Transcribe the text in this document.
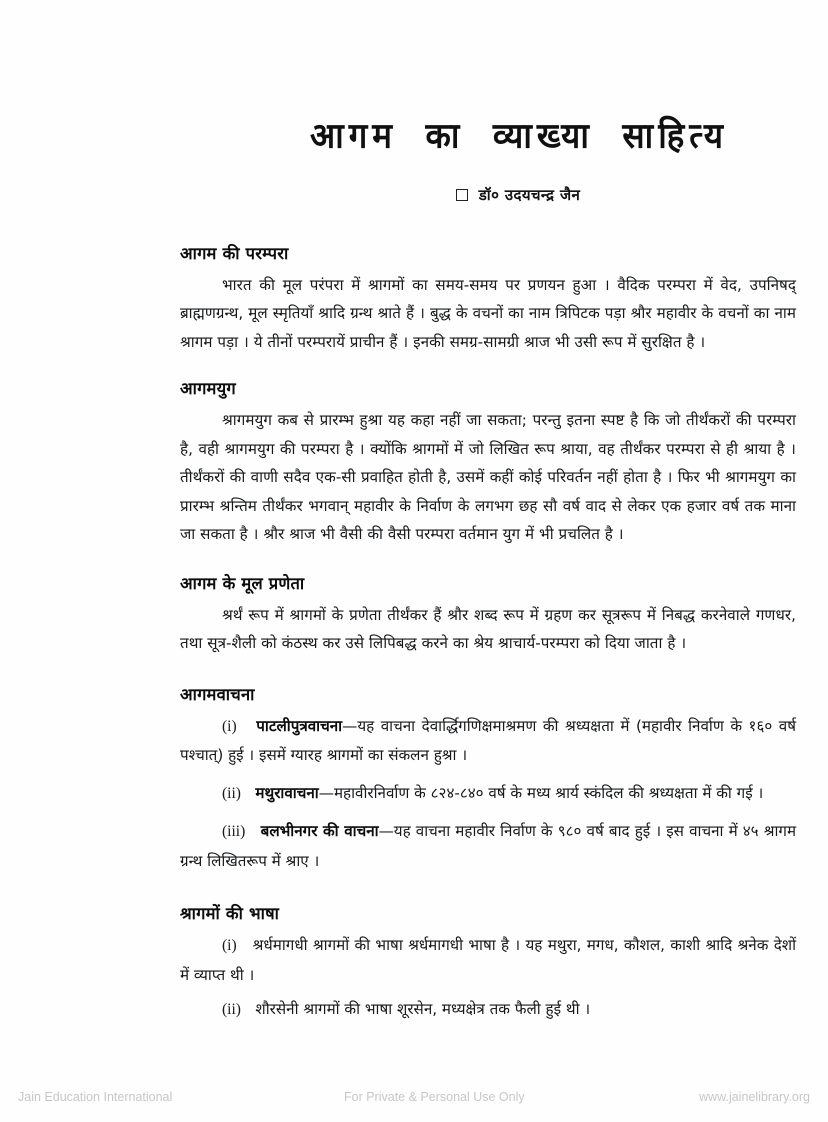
आगम का व्याख्या साहित्य
डॉ० उदयचन्द्र जैन
आगम की परम्परा

भारत की मूल परंपरा में श्रागमों का समय-समय पर प्रणयन हुआ । वैदिक परम्परा में वेद, उपनिषद् ब्राह्मणग्रन्थ, मूल स्मृतियाँ श्रादि ग्रन्थ श्राते हैं । बुद्ध के वचनों का नाम त्रिपिटक पड़ा श्रौर महावीर के वचनों का नाम श्रागम पड़ा । ये तीनों परम्परायें प्राचीन हैं । इनकी समग्र-सामग्री श्राज भी उसी रूप में सुरक्षित है ।

आगमयुग

श्रागमयुग कब से प्रारम्भ हुश्रा यह कहा नहीं जा सकता; परन्तु इतना स्पष्ट है कि जो तीर्थंकरों की परम्परा है, वही श्रागमयुग की परम्परा है । क्योंकि श्रागमों में जो लिखित रूप श्राया, वह तीर्थंकर परम्परा से ही श्राया है । तीर्थंकरों की वाणी सदैव एक-सी प्रवाहित होती है, उसमें कहीं कोई परिवर्तन नहीं होता है । फिर भी श्रागमयुग का प्रारम्भ श्रन्तिम तीर्थंकर भगवान् महावीर के निर्वाण के लगभग छह सौ वर्ष वाद से लेकर एक हजार वर्ष तक माना जा सकता है । श्रौर श्राज भी वैसी की वैसी परम्परा वर्तमान युग में भी प्रचलित है ।

आगम के मूल प्रणेता

श्रर्थं रूप में श्रागमों के प्रणेता तीर्थंकर हैं श्रौर शब्द रूप में ग्रहण कर सूत्ररूप में निबद्ध करनेवाले गणधर, तथा सूत्र-शैली को कंठस्थ कर उसे लिपिबद्ध करने का श्रेय श्राचार्य-परम्परा को दिया जाता है ।

आगमवाचना

(i) पाटलीपुत्रवाचना—यह वाचना देवार्द्धिगणिक्षमाश्रमण की श्रध्यक्षता में (महावीर निर्वाण के १६० वर्ष पश्चात्) हुई । इसमें ग्यारह श्रागमों का संकलन हुश्रा ।

(ii) मथुरावाचना—महावीरनिर्वाण के ८२४-८४० वर्ष के मध्य श्रार्य स्कंदिल की श्रध्यक्षता में की गई ।

(iii) बलभीनगर की वाचना—यह वाचना महावीर निर्वाण के ९८० वर्ष बाद हुई । इस वाचना में ४५ श्रागम ग्रन्थ लिखितरूप में श्राए ।

श्रागमों की भाषा

(i) श्रर्धमागधी श्रागमों की भाषा श्रर्धमागधी भाषा है । यह मथुरा, मगध, कौशल, काशी श्रादि श्रनेक देशों में व्याप्त थी ।

(ii) शौरसेनी श्रागमों की भाषा शूरसेन, मध्यक्षेत्र तक फैली हुई थी ।

Jain Education International	For Private & Personal Use Only	www.jainelibrary.org
